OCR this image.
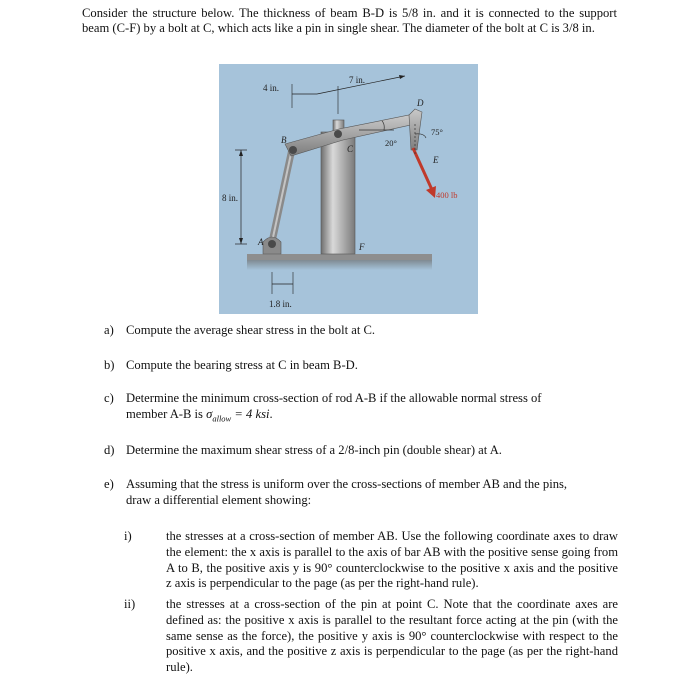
Consider the structure below. The thickness of beam B-D is 5/8 in. and it is connected to the support beam (C-F) by a bolt at C, which acts like a pin in single shear. The diameter of the bolt at C is 3/8 in.
4 in.
7 in.
8 in.
1.8 in.
20°
75°
400 lb
A
B
C
D
E
F
a) Compute the average shear stress in the bolt at C.
b) Compute the bearing stress at C in beam B-D.
c) Determine the minimum cross-section of rod A-B if the allowable normal stress of
member A-B is $\sigma_{allow} = 4$ ksi.
d) Determine the maximum shear stress of a 2/8-inch pin (double shear) at A.
e) Assuming that the stress is uniform over the cross-sections of member AB and the pins,
draw a differential element showing:
i)	the stresses at a cross-section of member AB. Use the following coordinate axes to draw the element: the x axis is parallel to the axis of bar AB with the positive sense going from A to B, the positive axis y is 90° counterclockwise to the positive x axis and the positive z axis is perpendicular to the page (as per the right-hand rule).
ii) the stresses at a cross-section of the pin at point C. Note that the coordinate axes are defined as: the positive x axis is parallel to the resultant force acting at the pin (with the same sense as the force), the positive y axis is 90° counterclockwise with respect to the positive x axis, and the positive z axis is perpendicular to the page (as per the right-hand rule).
